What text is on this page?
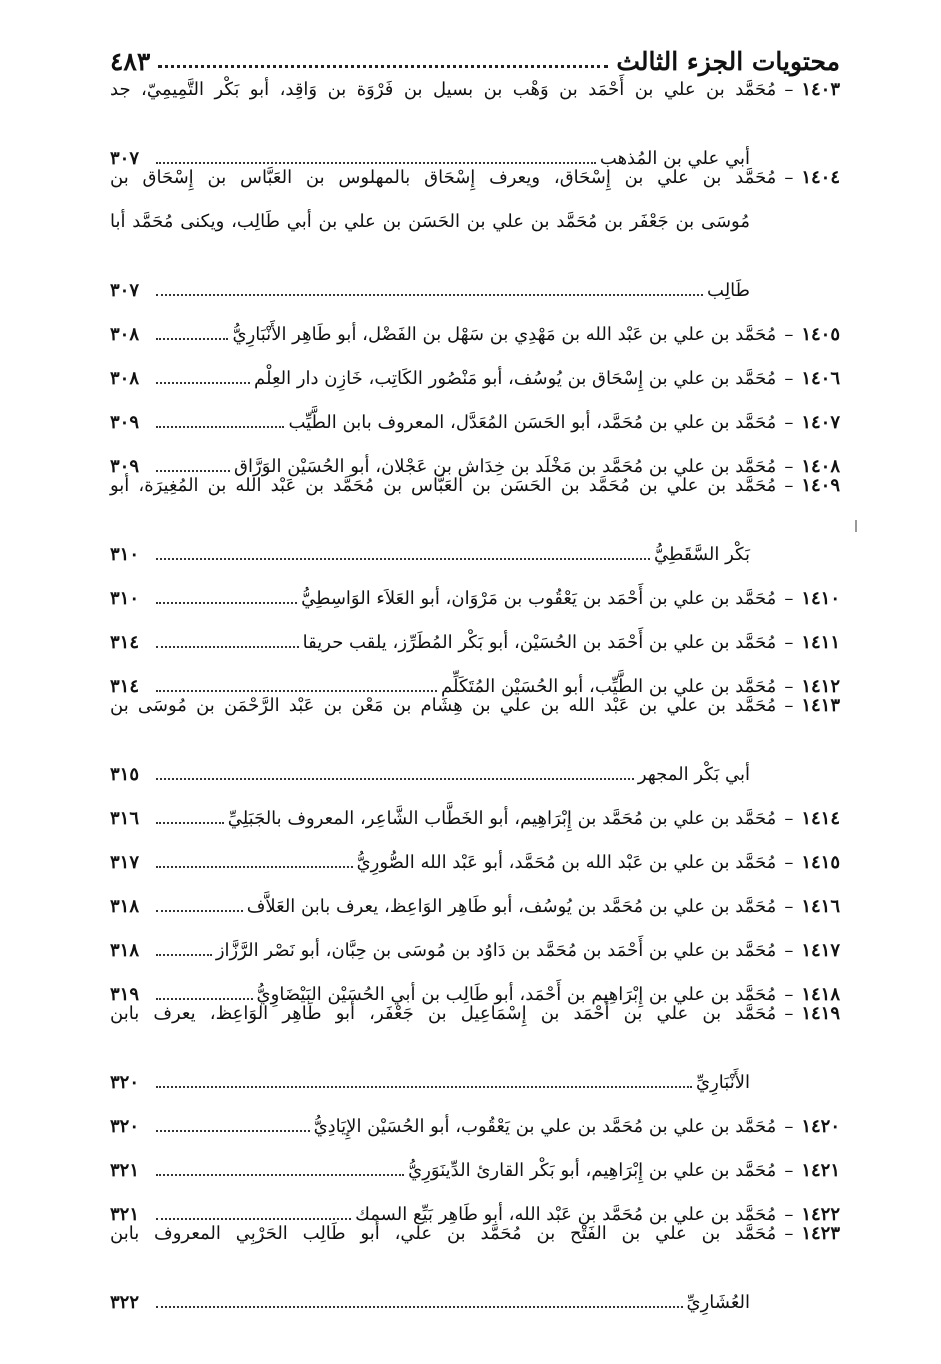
محتويات الجزء الثالث
٤٨٣
١٤٠٣–مُحَمَّد بن علي بن أَحْمَد بن وَهْب بن بسيل بن فَرْوَة بن وَاقِد، أبو بَكْر التَّمِيمِيّ، جد
أبي علي بن المُذهب
٣٠٧
١٤٠٤–مُحَمَّد بن علي بن إِسْحَاق، ويعرف إِسْحَاق بالمهلوس بن العَبَّاس بن إِسْحَاق بن
مُوسَى بن جَعْفَر بن مُحَمَّد بن علي بن الحَسَن بن علي بن أبي طَالِب، ويكنى مُحَمَّد أبا
طَالِب
٣٠٧
١٤٠٥
–
مُحَمَّد بن علي بن عَبْد الله بن مَهْدِي بن سَهْل بن الفَضْل، أبو طَاهِر الأَنْبَارِيُّ
٣٠٨
١٤٠٦
–
مُحَمَّد بن علي بن إِسْحَاق بن يُوسُف، أبو مَنْصُور الكَاتِب، خَازِن دار العِلْم
٣٠٨
١٤٠٧
–
مُحَمَّد بن علي بن مُحَمَّد، أبو الحَسَن المُعَدَّل، المعروف بابن الطَّيِّب
٣٠٩
١٤٠٨
–
مُحَمَّد بن علي بن مُحَمَّد بن مَخْلَد بن خِدَاش بن عَجْلان، أبو الحُسَيْن الوَرَّاق
٣٠٩
١٤٠٩–مُحَمَّد بن علي بن مُحَمَّد بن الحَسَن بن العَبَّاس بن مُحَمَّد بن عَبْد الله بن المُغِيرَة، أبو
بَكْر السَّقَطِيُّ
٣١٠
١٤١٠
–
مُحَمَّد بن علي بن أَحْمَد بن يَعْقُوب بن مَرْوَان، أبو العَلاَء الوَاسِطِيُّ
٣١٠
١٤١١
–
مُحَمَّد بن علي بن أَحْمَد بن الحُسَيْن، أبو بَكْر المُطَرِّز، يلقب حريقا
٣١٤
١٤١٢
–
مُحَمَّد بن علي بن الطَّيِّب، أبو الحُسَيْن المُتَكَلِّم
٣١٤
١٤١٣–مُحَمَّد بن علي بن عَبْد الله بن علي بن هِشَام بن مَعْن بن عَبْد الرَّحْمَن بن مُوسَى بن
أبي بَكْر المجهر
٣١٥
١٤١٤
–
مُحَمَّد بن علي بن مُحَمَّد بن إِبْرَاهِيم، أبو الخَطَّاب الشَّاعِر، المعروف بالجَبَلِيِّ
٣١٦
١٤١٥
–
مُحَمَّد بن علي بن عَبْد الله بن مُحَمَّد، أبو عَبْد الله الصُّورِيُّ
٣١٧
١٤١٦
–
مُحَمَّد بن علي بن مُحَمَّد بن يُوسُف، أبو طَاهِر الوَاعِظ، يعرف بابن العَلاَّف
٣١٨
١٤١٧
–
مُحَمَّد بن علي بن أَحْمَد بن مُحَمَّد بن دَاوُد بن مُوسَى بن حِبَّان، أبو نَصْر الرَّزَّاز
٣١٨
١٤١٨
–
مُحَمَّد بن علي بن إِبْرَاهِيم بن أَحْمَد، أبو طَالِب بن أبي الحُسَيْن البَيْضَاوِيُّ
٣١٩
١٤١٩–مُحَمَّد بن علي بن أَحْمَد بن إِسْمَاعِيل بن جَعْفَر، أبو طَاهِر الوَاعِظ، يعرف بابن
الأَنْبَارِيِّ
٣٢٠
١٤٢٠
–
مُحَمَّد بن علي بن مُحَمَّد بن علي بن يَعْقُوب، أبو الحُسَيْن الإِيَادِيُّ
٣٢٠
١٤٢١
–
مُحَمَّد بن علي بن إِبْرَاهِيم، أبو بَكْر القارئ الدِّينَوَرِيُّ
٣٢١
١٤٢٢
–
مُحَمَّد بن علي بن مُحَمَّد بن عَبْد الله، أبو طَاهِر بَيِّع السمك
٣٢١
١٤٢٣–مُحَمَّد بن علي بن الفَتْح بن مُحَمَّد بن علي، أبو طَالِب الحَرْبِي المعروف بابن
العُشَارِيِّ
٣٢٢
